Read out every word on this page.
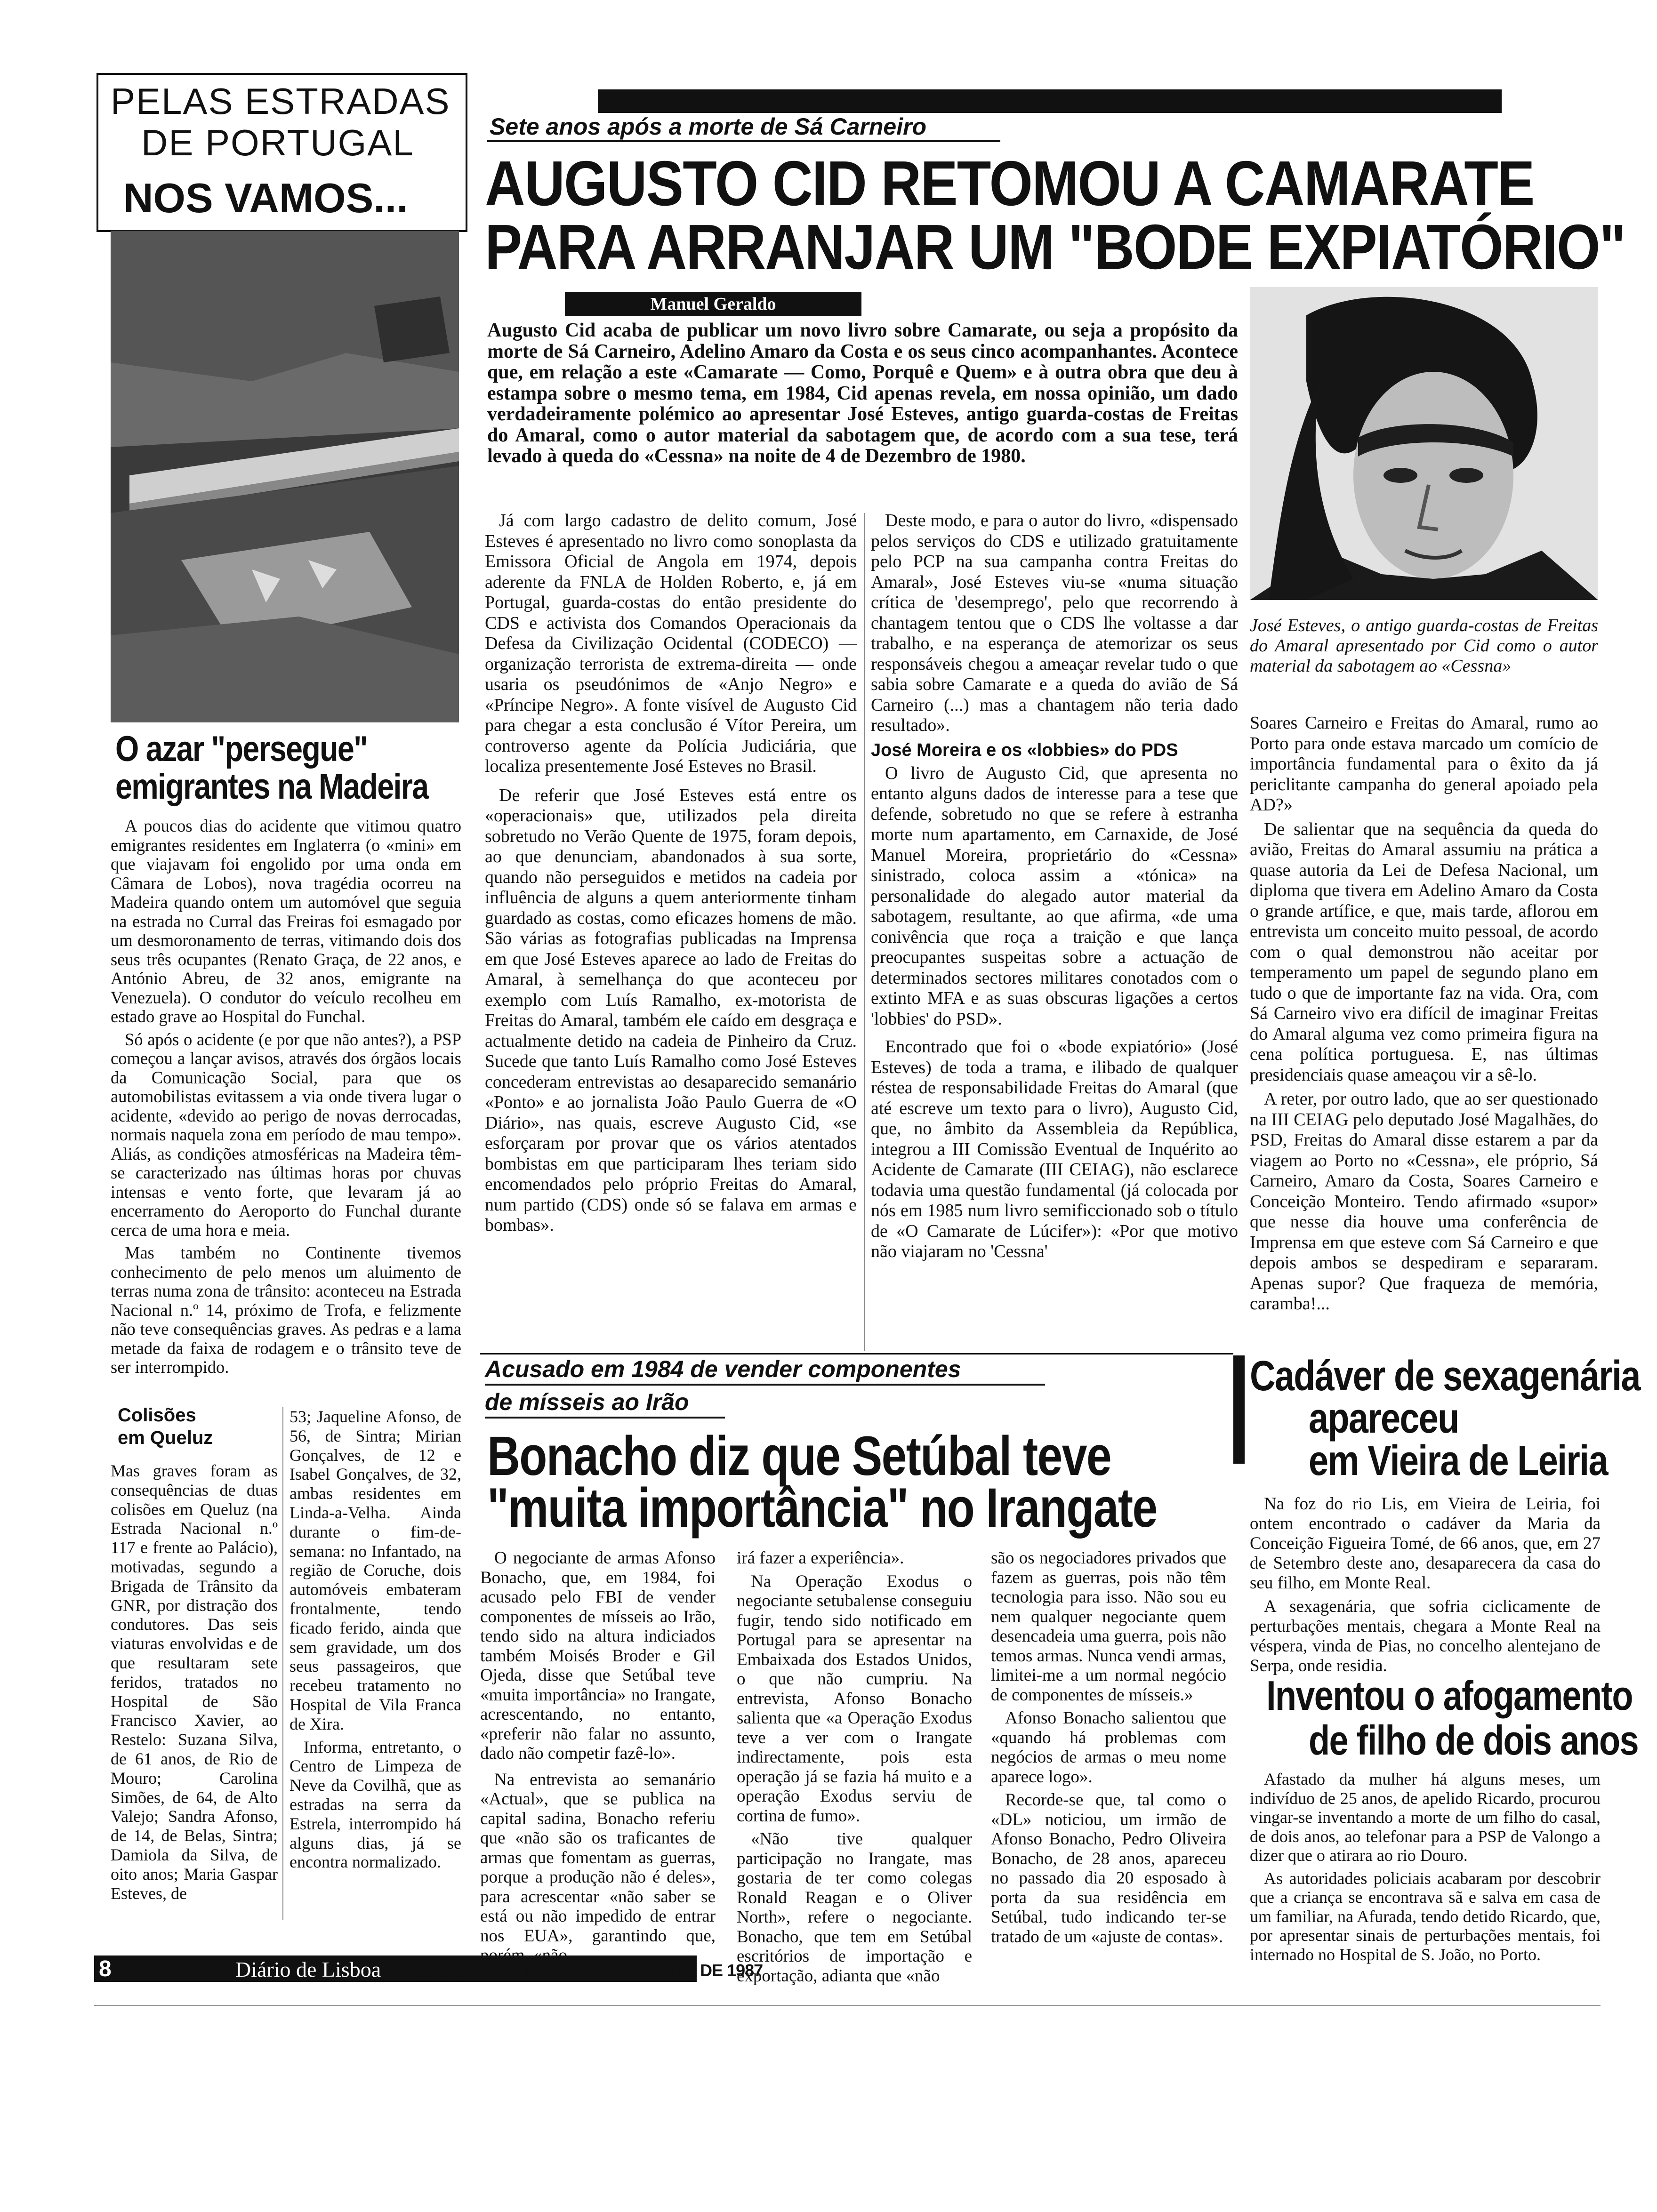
PELAS ESTRADAS
DE PORTUGAL
NOS VAMOS...
Sete anos após a morte de Sá Carneiro
AUGUSTO CID RETOMOU A CAMARATE
PARA ARRANJAR UM "BODE EXPIATÓRIO"
Manuel Geraldo
Augusto Cid acaba de publicar um novo livro sobre Camarate, ou seja a propósito da morte de Sá Carneiro, Adelino Amaro da Costa e os seus cinco acompanhantes. Acontece que, em relação a este «Camarate — Como, Porquê e Quem» e à outra obra que deu à estampa sobre o mesmo tema, em 1984, Cid apenas revela, em nossa opinião, um dado verdadeiramente polémico ao apresentar José Esteves, antigo guarda-costas de Freitas do Amaral, como o autor material da sabotagem que, de acordo com a sua tese, terá levado à queda do «Cessna» na noite de 4 de Dezembro de 1980.
José Esteves, o antigo guarda-costas de Freitas do Amaral apresentado por Cid como o autor material da sabotagem ao «Cessna»

Já com largo cadastro de delito comum, José Esteves é apresentado no livro como sonoplasta da Emissora Oficial de Angola em 1974, depois aderente da FNLA de Holden Roberto, e, já em Portugal, guarda-costas do então presidente do CDS e activista dos Comandos Operacionais da Defesa da Civilização Ocidental (CODECO) — organização terrorista de extrema-direita — onde usaria os pseudónimos de «Anjo Negro» e «Príncipe Negro». A fonte visível de Augusto Cid para chegar a esta conclusão é Vítor Pereira, um controverso agente da Polícia Judiciária, que localiza presentemente José Esteves no Brasil.

De referir que José Esteves está entre os «operacionais» que, utilizados pela direita sobretudo no Verão Quente de 1975, foram depois, ao que denunciam, abandonados à sua sorte, quando não perseguidos e metidos na cadeia por influência de alguns a quem anteriormente tinham guardado as costas, como eficazes homens de mão. São várias as fotografias publicadas na Imprensa em que José Esteves aparece ao lado de Freitas do Amaral, à semelhança do que aconteceu por exemplo com Luís Ramalho, ex-motorista de Freitas do Amaral, também ele caído em desgraça e actualmente detido na cadeia de Pinheiro da Cruz. Sucede que tanto Luís Ramalho como José Esteves concederam entrevistas ao desaparecido semanário «Ponto» e ao jornalista João Paulo Guerra de «O Diário», nas quais, escreve Augusto Cid, «se esforçaram por provar que os vários atentados bombistas em que participaram lhes teriam sido encomendados pelo próprio Freitas do Amaral, num partido (CDS) onde só se falava em armas e bombas».

Deste modo, e para o autor do livro, «dispensado pelos serviços do CDS e utilizado gratuitamente pelo PCP na sua campanha contra Freitas do Amaral», José Esteves viu-se «numa situação crítica de 'desemprego', pelo que recorrendo à chantagem tentou que o CDS lhe voltasse a dar trabalho, e na esperança de atemorizar os seus responsáveis chegou a ameaçar revelar tudo o que sabia sobre Camarate e a queda do avião de Sá Carneiro (...) mas a chantagem não teria dado resultado».

José Moreira e os «lobbies» do PDS

O livro de Augusto Cid, que apresenta no entanto alguns dados de interesse para a tese que defende, sobretudo no que se refere à estranha morte num apartamento, em Carnaxide, de José Manuel Moreira, proprietário do «Cessna» sinistrado, coloca assim a «tónica» na personalidade do alegado autor material da sabotagem, resultante, ao que afirma, «de uma conivência que roça a traição e que lança preocupantes suspeitas sobre a actuação de determinados sectores militares conotados com o extinto MFA e as suas obscuras ligações a certos 'lobbies' do PSD».

Encontrado que foi o «bode expiatório» (José Esteves) de toda a trama, e ilibado de qualquer réstea de responsabilidade Freitas do Amaral (que até escreve um texto para o livro), Augusto Cid, que, no âmbito da Assembleia da República, integrou a III Comissão Eventual de Inquérito ao Acidente de Camarate (III CEIAG), não esclarece todavia uma questão fundamental (já colocada por nós em 1985 num livro semificcionado sob o título de «O Camarate de Lúcifer»): «Por que motivo não viajaram no 'Cessna'

Soares Carneiro e Freitas do Amaral, rumo ao Porto para onde estava marcado um comício de importância fundamental para o êxito da já periclitante campanha do general apoiado pela AD?»

De salientar que na sequência da queda do avião, Freitas do Amaral assumiu na prática a quase autoria da Lei de Defesa Nacional, um diploma que tivera em Adelino Amaro da Costa o grande artífice, e que, mais tarde, aflorou em entrevista um conceito muito pessoal, de acordo com o qual demonstrou não aceitar por temperamento um papel de segundo plano em tudo o que de importante faz na vida. Ora, com Sá Carneiro vivo era difícil de imaginar Freitas do Amaral alguma vez como primeira figura na cena política portuguesa. E, nas últimas presidenciais quase ameaçou vir a sê-lo.

A reter, por outro lado, que ao ser questionado na III CEIAG pelo deputado José Magalhães, do PSD, Freitas do Amaral disse estarem a par da viagem ao Porto no «Cessna», ele próprio, Sá Carneiro, Amaro da Costa, Soares Carneiro e Conceição Monteiro. Tendo afirmado «supor» que nesse dia houve uma conferência de Imprensa em que esteve com Sá Carneiro e que depois ambos se despediram e separaram. Apenas supor? Que fraqueza de memória, caramba!...

O azar "persegue"
emigrantes na Madeira

A poucos dias do acidente que vitimou quatro emigrantes residentes em Inglaterra (o «mini» em que viajavam foi engolido por uma onda em Câmara de Lobos), nova tragédia ocorreu na Madeira quando ontem um automóvel que seguia na estrada no Curral das Freiras foi esmagado por um desmoronamento de terras, vitimando dois dos seus três ocupantes (Renato Graça, de 22 anos, e António Abreu, de 32 anos, emigrante na Venezuela). O condutor do veículo recolheu em estado grave ao Hospital do Funchal.

Só após o acidente (e por que não antes?), a PSP começou a lançar avisos, através dos órgãos locais da Comunicação Social, para que os automobilistas evitassem a via onde tivera lugar o acidente, «devido ao perigo de novas derrocadas, normais naquela zona em período de mau tempo». Aliás, as condições atmosféricas na Madeira têm-se caracterizado nas últimas horas por chuvas intensas e vento forte, que levaram já ao encerramento do Aeroporto do Funchal durante cerca de uma hora e meia.

Mas também no Continente tivemos conhecimento de pelo menos um aluimento de terras numa zona de trânsito: aconteceu na Estrada Nacional n.º 14, próximo de Trofa, e felizmente não teve consequências graves. As pedras e a lama metade da faixa de rodagem e o trânsito teve de ser interrompido.

Colisões
em Queluz
Mas graves foram as consequências de duas colisões em Queluz (na Estrada Nacional n.º 117 e frente ao Palácio), motivadas, segundo a Brigada de Trânsito da GNR, por distração dos condutores. Das seis viaturas envolvidas e de que resultaram sete feridos, tratados no Hospital de São Francisco Xavier, ao Restelo: Suzana Silva, de 61 anos, de Rio de Mouro; Carolina Simões, de 64, de Alto Valejo; Sandra Afonso, de 14, de Belas, Sintra; Damiola da Silva, de oito anos; Maria Gaspar Esteves, de

53; Jaqueline Afonso, de 56, de Sintra; Mirian Gonçalves, de 12 e Isabel Gonçalves, de 32, ambas residentes em Linda-a-Velha. Ainda durante o fim-de-semana: no Infantado, na região de Coruche, dois automóveis embateram frontalmente, tendo ficado ferido, ainda que sem gravidade, um dos seus passageiros, que recebeu tratamento no Hospital de Vila Franca de Xira.

Informa, entretanto, o Centro de Limpeza de Neve da Covilhã, que as estradas na serra da Estrela, interrompido há alguns dias, já se encontra normalizado.

Acusado em 1984 de vender componentes
de mísseis ao Irão
Bonacho diz que Setúbal teve
"muita importância" no Irangate

O negociante de armas Afonso Bonacho, que, em 1984, foi acusado pelo FBI de vender componentes de mísseis ao Irão, tendo sido na altura indiciados também Moisés Broder e Gil Ojeda, disse que Setúbal teve «muita importância» no Irangate, acrescentando, no entanto, «preferir não falar no assunto, dado não competir fazê-lo».

Na entrevista ao semanário «Actual», que se publica na capital sadina, Bonacho referiu que «não são os traficantes de armas que fomentam as guerras, porque a produção não é deles», para acrescentar «não saber se está ou não impedido de entrar nos EUA», garantindo que,

irá fazer a experiência».

Na Operação Exodus o negociante setubalense conseguiu fugir, tendo sido notificado em Portugal para se apresentar na Embaixada dos Estados Unidos, o que não cumpriu. Na entrevista, Afonso Bonacho salienta que «a Operação Exodus teve a ver com o Irangate indirectamente, pois esta operação já se fazia há muito e a operação Exodus serviu de cortina de fumo».

«Não tive qualquer participação no Irangate, mas gostaria de ter como colegas Ronald Reagan e o Oliver North», refere o negociante. Bonacho, que tem em Setúbal escritórios de importação e exportação, adianta que «não

são os negociadores privados que fazem as guerras, pois não têm tecnologia para isso. Não sou eu nem qualquer negociante quem desencadeia uma guerra, pois não temos armas. Nunca vendi armas, limitei-me a um normal negócio de componentes de mísseis.»

Afonso Bonacho salientou que «quando há problemas com negócios de armas o meu nome aparece logo».

Recorde-se que, tal como o «DL» noticiou, um irmão de Afonso Bonacho, Pedro Oliveira Bonacho, de 28 anos, apareceu no passado dia 20 esposado à porta da sua residência em Setúbal, tudo indicando ter-se tratado de um «ajuste de contas».

Cadáver de sexagenária
apareceu
em Vieira de Leiria

Na foz do rio Lis, em Vieira de Leiria, foi ontem encontrado o cadáver da Maria da Conceição Figueira Tomé, de 66 anos, que, em 27 de Setembro deste ano, desaparecera da casa do seu filho, em Monte Real.

A sexagenária, que sofria ciclicamente de perturbações mentais, chegara a Monte Real na véspera, vinda de Pias, no concelho alentejano de Serpa, onde residia.

Inventou o afogamento
de filho de dois anos

Afastado da mulher há alguns meses, um indivíduo de 25 anos, de apelido Ricardo, procurou vingar-se inventando a morte de um filho do casal, de dois anos, ao telefonar para a PSP de Valongo a dizer que o atirara ao rio Douro.

As autoridades policiais acabaram por descobrir que a criança se encontrava sã e salva em casa de um familiar, na Afurada, tendo detido Ricardo, que, por apresentar sinais de perturbações mentais, foi internado no Hospital de S. João, no Porto.

8	Diário de Lisboa SEGUNDA-FEIRA, 7 DE DEZEMBRO DE 1987
